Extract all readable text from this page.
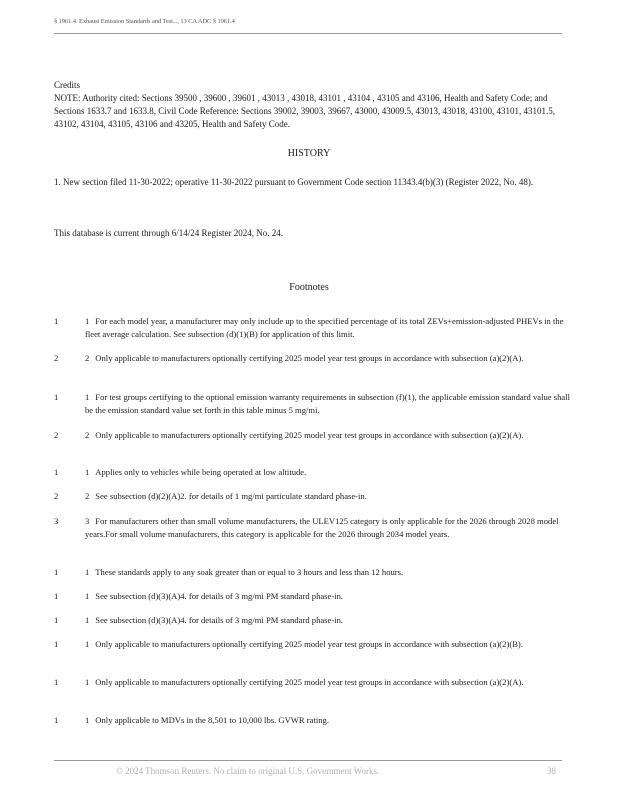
§ 1961.4. Exhaust Emission Standards and Test..., 13 CA ADC § 1961.4
Credits
NOTE: Authority cited: Sections 39500 , 39600 , 39601 , 43013 , 43018, 43101 , 43104 , 43105 and 43106, Health and Safety Code; and Sections 1633.7 and 1633.8, Civil Code Reference: Sections 39002, 39003, 39667, 43000, 43009.5, 43013, 43018, 43100, 43101, 43101.5, 43102, 43104, 43105, 43106 and 43205, Health and Safety Code.
HISTORY
1. New section filed 11-30-2022; operative 11-30-2022 pursuant to Government Code section 11343.4(b)(3) (Register 2022, No. 48).
This database is current through 6/14/24 Register 2024, No. 24.
Footnotes
1	1 For each model year, a manufacturer may only include up to the specified percentage of its total ZEVs+emission-adjusted PHEVs in the fleet average calculation. See subsection (d)(1)(B) for application of this limit.
2	2 Only applicable to manufacturers optionally certifying 2025 model year test groups in accordance with subsection (a)(2)(A).
1	1 For test groups certifying to the optional emission warranty requirements in subsection (f)(1), the applicable emission standard value shall be the emission standard value set forth in this table minus 5 mg/mi.
2	2 Only applicable to manufacturers optionally certifying 2025 model year test groups in accordance with subsection (a)(2)(A).
1	1 Applies only to vehicles while being operated at low altitude.
2	2 See subsection (d)(2)(A)2. for details of 1 mg/mi particulate standard phase-in.
3	3 For manufacturers other than small volume manufacturers, the ULEV125 category is only applicable for the 2026 through 2028 model years.For small volume manufacturers, this category is applicable for the 2026 through 2034 model years.
1	1 These standards apply to any soak greater than or equal to 3 hours and less than 12 hours.
1	1 See subsection (d)(3)(A)4. for details of 3 mg/mi PM standard phase-in.
1	1 See subsection (d)(3)(A)4. for details of 3 mg/mi PM standard phase-in.
1	1 Only applicable to manufacturers optionally certifying 2025 model year test groups in accordance with subsection (a)(2)(B).
1	1 Only applicable to manufacturers optionally certifying 2025 model year test groups in accordance with subsection (a)(2)(A).
1	1 Only applicable to MDVs in the 8,501 to 10,000 lbs. GVWR rating.
© 2024 Thomson Reuters. No claim to original U.S. Government Works.	38
